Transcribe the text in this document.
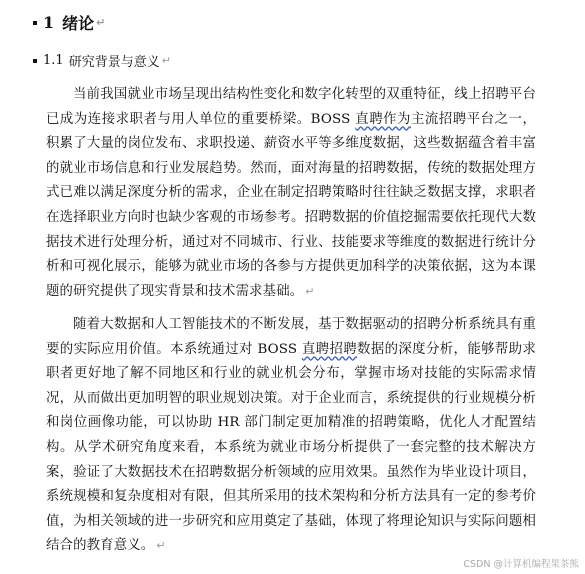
1 绪论 ↵
1.1 研究背景与意义 ↵

当前我国就业市场呈现出结构性变化和数字化转型的双重特征，线上招聘平台已成为连接求职者与用人单位的重要桥梁。BOSS 直聘作为主流招聘平台之一，积累了大量的岗位发布、求职投递、薪资水平等多维度数据，这些数据蕴含着丰富的就业市场信息和行业发展趋势。然而，面对海量的招聘数据，传统的数据处理方式已难以满足深度分析的需求，企业在制定招聘策略时往往缺乏数据支撑，求职者在选择职业方向时也缺少客观的市场参考。招聘数据的价值挖掘需要依托现代大数据技术进行处理分析，通过对不同城市、行业、技能要求等维度的数据进行统计分析和可视化展示，能够为就业市场的各参与方提供更加科学的决策依据，这为本课题的研究提供了现实背景和技术需求基础。 ↵

随着大数据和人工智能技术的不断发展，基于数据驱动的招聘分析系统具有重要的实际应用价值。本系统通过对 BOSS 直聘招聘数据的深度分析，能够帮助求职者更好地了解不同地区和行业的就业机会分布，掌握市场对技能的实际需求情况，从而做出更加明智的职业规划决策。对于企业而言，系统提供的行业规模分析和岗位画像功能，可以协助 HR 部门制定更加精准的招聘策略，优化人才配置结构。从学术研究角度来看，本系统为就业市场分析提供了一套完整的技术解决方案，验证了大数据技术在招聘数据分析领域的应用效果。虽然作为毕业设计项目，系统规模和复杂度相对有限，但其所采用的技术架构和分析方法具有一定的参考价值，为相关领域的进一步研究和应用奠定了基础，体现了将理论知识与实际问题相结合的教育意义。 ↵

CSDN @计算机编程果茶熊
